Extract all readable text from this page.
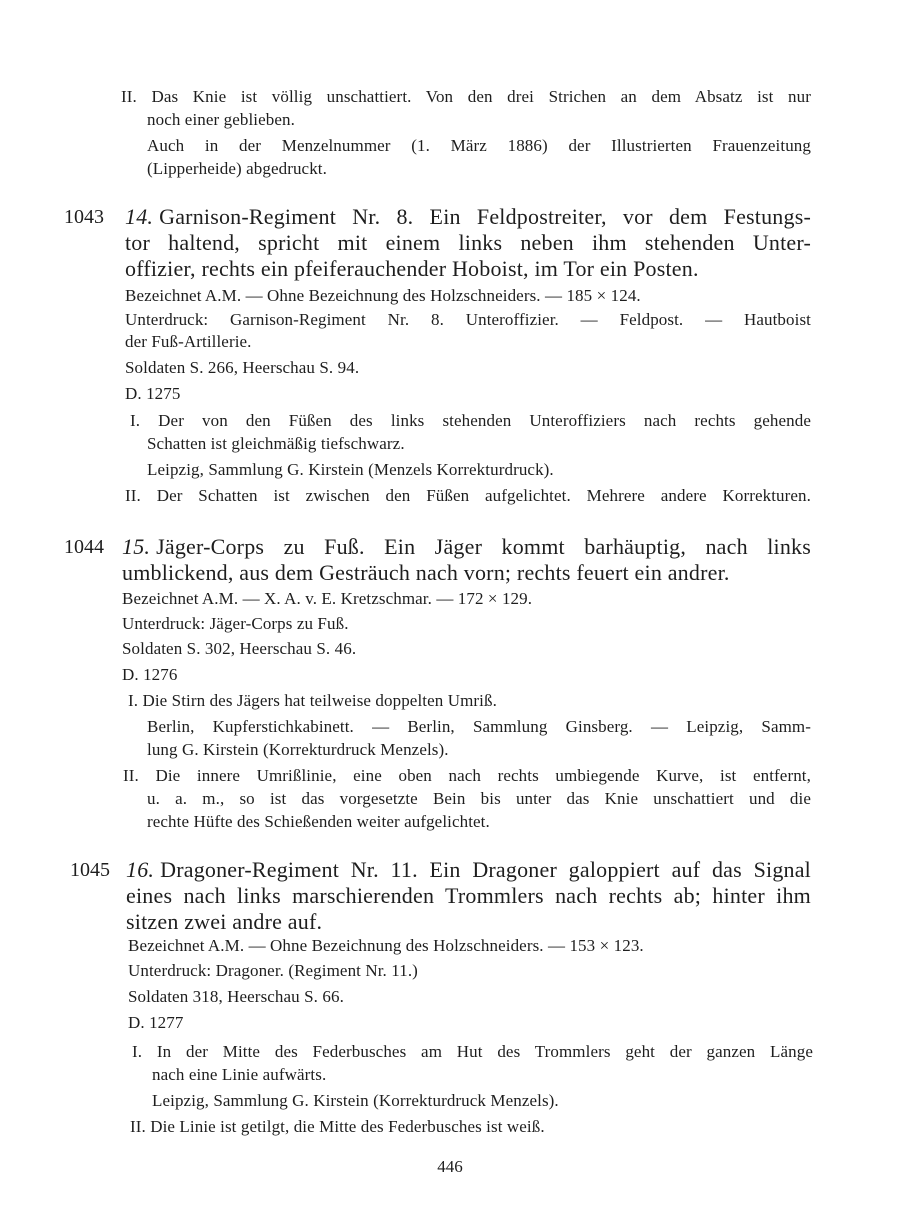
II. Das Knie ist völlig unschattiert. Von den drei Strichen an dem Absatz ist nur
noch einer geblieben.
Auch in der Menzelnummer (1. März 1886) der Illustrierten Frauenzeitung
(Lipperheide) abgedruckt.
1043 14. Garnison-Regiment Nr. 8. Ein Feldpostreiter, vor dem Festungs-
tor haltend, spricht mit einem links neben ihm stehenden Unter-
offizier, rechts ein pfeiferauchender Hoboist, im Tor ein Posten.
Bezeichnet A.M. — Ohne Bezeichnung des Holzschneiders. — 185 × 124.
Unterdruck: Garnison-Regiment Nr. 8. Unteroffizier. — Feldpost. — Hautboist
der Fuß-Artillerie.
Soldaten S. 266, Heerschau S. 94.
D. 1275
I. Der von den Füßen des links stehenden Unteroffiziers nach rechts gehende
Schatten ist gleichmäßig tiefschwarz.
Leipzig, Sammlung G. Kirstein (Menzels Korrekturdruck).
II. Der Schatten ist zwischen den Füßen aufgelichtet. Mehrere andere Korrekturen.
1044 15. Jäger-Corps zu Fuß. Ein Jäger kommt barhäuptig, nach links
umblickend, aus dem Gesträuch nach vorn; rechts feuert ein andrer.
Bezeichnet A.M. — X. A. v. E. Kretzschmar. — 172 × 129.
Unterdruck: Jäger-Corps zu Fuß.
Soldaten S. 302, Heerschau S. 46.
D. 1276
I. Die Stirn des Jägers hat teilweise doppelten Umriß.
Berlin, Kupferstichkabinett. — Berlin, Sammlung Ginsberg. — Leipzig, Samm-
lung G. Kirstein (Korrekturdruck Menzels).
II. Die innere Umrißlinie, eine oben nach rechts umbiegende Kurve, ist entfernt,
u. a. m., so ist das vorgesetzte Bein bis unter das Knie unschattiert und die
rechte Hüfte des Schießenden weiter aufgelichtet.
1045 16. Dragoner-Regiment Nr. 11. Ein Dragoner galoppiert auf das Signal
eines nach links marschierenden Trommlers nach rechts ab; hinter ihm
sitzen zwei andre auf.
Bezeichnet A.M. — Ohne Bezeichnung des Holzschneiders. — 153 × 123.
Unterdruck: Dragoner. (Regiment Nr. 11.)
Soldaten 318, Heerschau S. 66.
D. 1277
I. In der Mitte des Federbusches am Hut des Trommlers geht der ganzen Länge
nach eine Linie aufwärts.
Leipzig, Sammlung G. Kirstein (Korrekturdruck Menzels).
II. Die Linie ist getilgt, die Mitte des Federbusches ist weiß.
446
